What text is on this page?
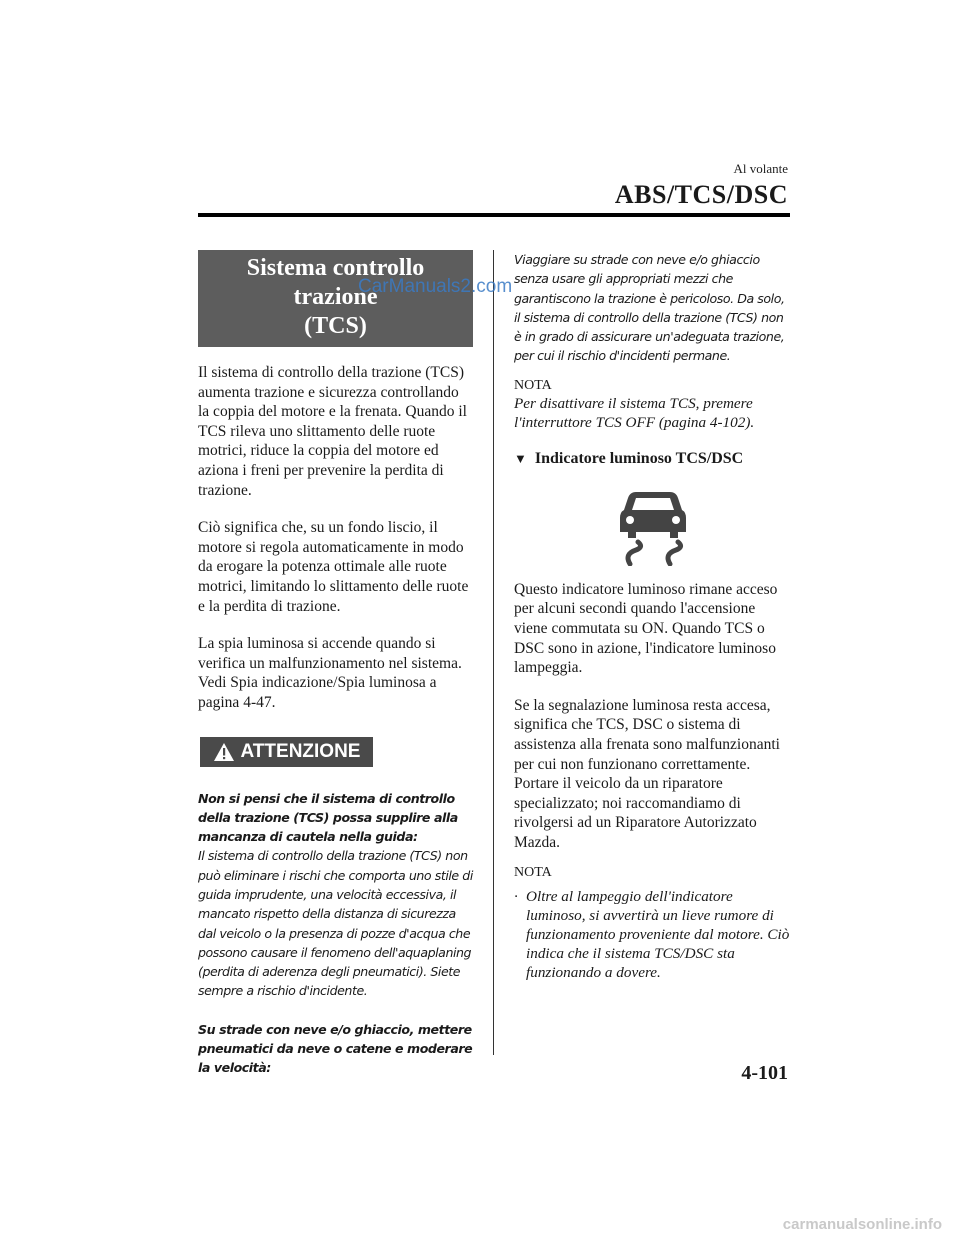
Al volante
ABS/TCS/DSC
Sistema controllo trazione
(TCS)

Il sistema di controllo della trazione (TCS) aumenta trazione e sicurezza controllando la coppia del motore e la frenata. Quando il TCS rileva uno slittamento delle ruote motrici, riduce la coppia del motore ed aziona i freni per prevenire la perdita di trazione.

Ciò significa che, su un fondo liscio, il motore si regola automaticamente in modo da erogare la potenza ottimale alle ruote motrici, limitando lo slittamento delle ruote e la perdita di trazione.

La spia luminosa si accende quando si verifica un malfunzionamento nel sistema. Vedi Spia indicazione/Spia luminosa a pagina 4-47.

ATTENZIONE

Non si pensi che il sistema di controllo della trazione (TCS) possa supplire alla mancanza di cautela nella guida:

Il sistema di controllo della trazione (TCS) non può eliminare i rischi che comporta uno stile di guida imprudente, una velocità eccessiva, il mancato rispetto della distanza di sicurezza dal veicolo o la presenza di pozze d'acqua che possono causare il fenomeno dell'aquaplaning (perdita di aderenza degli pneumatici). Siete sempre a rischio d'incidente.

Su strade con neve e/o ghiaccio, mettere pneumatici da neve o catene e moderare la velocità:

Viaggiare su strade con neve e/o ghiaccio senza usare gli appropriati mezzi che garantiscono la trazione è pericoloso. Da solo, il sistema di controllo della trazione (TCS) non è in grado di assicurare un'adeguata trazione, per cui il rischio d'incidenti permane.

NOTA

Per disattivare il sistema TCS, premere l'interruttore TCS OFF (pagina 4-102).

▼ Indicatore luminoso TCS/DSC

Questo indicatore luminoso rimane acceso per alcuni secondi quando l'accensione viene commutata su ON. Quando TCS o DSC sono in azione, l'indicatore luminoso lampeggia.

Se la segnalazione luminosa resta accesa, significa che TCS, DSC o sistema di assistenza alla frenata sono malfunzionanti per cui non funzionano correttamente. Portare il veicolo da un riparatore specializzato; noi raccomandiamo di rivolgersi ad un Riparatore Autorizzato Mazda.

NOTA

· Oltre al lampeggio dell'indicatore luminoso, si avvertirà un lieve rumore di funzionamento proveniente dal motore. Ciò indica che il sistema TCS/DSC sta funzionando a dovere.
4-101
CarManuals2.com
carmanualsonline.info
